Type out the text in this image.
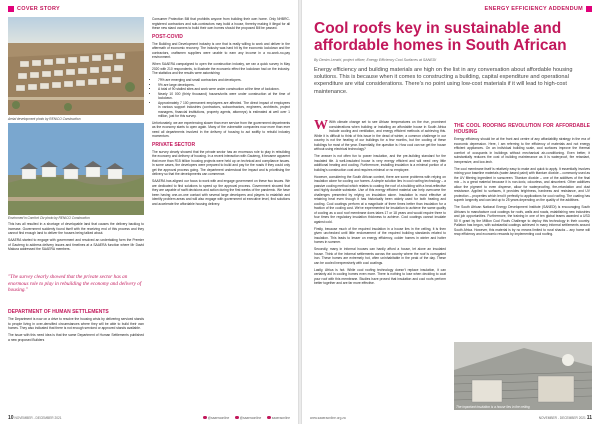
COVER STORY
Aerial development photo by RENICO Construction
Enviromed in Comfort Ctv photo by RENICO Construction

This has all resulted in a shortage of developable land that causes the delivery backlog to increase. Government suddenly found itself with the receiving end of this process and they cannot find enough land to deliver the houses being talked about.

SAAERA started to engage with government and resolved an undertaking form the Premier of Gauteng to address delivery issues and timelines at a SAAERA function where Mr David Makura addressed the SAAERA members.

"The survey clearly showed that the private sector has an enormous role to play in rebuilding the economy and delivery of housing."
DEPARTMENT OF HUMAN SETTLEMENTS

The Department is now on a drive to resolve the housing crisis by delivering serviced stands to people living in over-densified circumstances where they will be able to build their own homes. They also indicated that there is not enough serviced or approved stands available.

The issue with this need idea is that the same Department of Human Settlements published a new proposed Builders

Consumer Protection Bill that prohibits anyone from building their own home. Only NHBRC-registered contractors and sub-contractors may build a house, thereby making it illegal for all these new stand owners to build their own homes should the proposed Bill be passed.

POST-COVID

The Building and Development industry is one that is really willing to work and deliver in the aftermath of economic recovery. The industry was hard hit by the economic lockdown and the contractors, craftsmen suppliers were unable to earn any income in a no-work-no-pay environment.

When SAAERA campaigned to open the construction industry, we ran a quick survey in May 2020 with 210 respondents, to illustrate the economic effect the lockdown had on the industry. The statistics and the results were astonishing:

• 79% are emerging and small contractors and developers.
• 9% are large developers.
• A total of 90 stalled sites and work were under construction at the time of lockdown.
• Nearly 10 000 (thirty thousand) houses/units were under construction at the time of lockdown.
• Approximately 7 100 permanent employees are affected. The direct impact of employees in various support industries (contractors, subcontractors, engineers, architects, project managers, financial institutions, property agents, attorneys) is estimated at well over 1 million, just for this survey.

Unfortunately, we are experiencing slower than ever service from the government departments as the economy starts to open again. Many of the vulnerable companies now more than ever need all departments involved in the delivery of housing to act swiftly to rebuild industry momentum.

PRIVATE SECTOR

The survey clearly showed that the private sector has an enormous role to play in rebuilding the economy and delivery of housing. In a recent interaction with Gauteng, it became apparent that more than R15 billion housing projects were held up on technical and compliance issues. In some cases, the developers were prepared to build and pay for the roads if they could only get the approval process going. The department understood the impact and is prioritising the delivery so that the developments can commence.

SAAERA has aligned our focus to work with and engage government on these two issues. We are dedicated to find solutions to speed up the approval process. Government showed that they are capable of swift decisions and action during the first weeks of the pandemic. We have been having one-on-one contact with several large developers and players to establish and identify problem areas and will also engage with government at executive level, find solutions and accelerate the affordable housing delivery.

10 NOVEMBER - DECEMBER 2021	@saaeraonline	@saaeraonline	saaeraonline
ENERGY EFFICIENCY ADDENDUM
Cool roofs key in sustainable and affordable homes in South African
By Denim Lenzhi, project officer, Energy Efficiency Cool Surfaces at SANEDI

Energy efficiency and building materials are high on the list in any conversation about affordable housing solutions. This is because when it comes to constructing a building, capital expenditure and operational expenditure are vital considerations. There’s no point using low-cost materials if it will lead to high-cost maintenance.

W With climate change set to see African temperatures on the rise, prominent considerations when building or installing an affordable house in South Africa include cooling and ventilation, and energy efficient methods of achieving this. While it is difficult to think of this issue in the dead of winter, a common challenge in our country is not the heating of our buildings for a few months, but the cooling of these buildings for most of the year. Essentially, the question is: How cool can we get the house without using electrical technology?

The answer is not often fun to power insulation, and the pre-building standard for the insulated tile. A well-insulated house is very energy efficient and will need very little additional heating and cooling. Furthermore, installing insulation is a minimal portion of a building's construction cost and requires minimal or no employee.

However, considering the South African context, there are some problems with relying on insulation alone for cooling our homes. A simple solution lies in cool roofing technology – a passive cooling method which relates to coating the roof of a building with a heat-reflective and highly durable substrate. Use of this energy efficient material can help overcome the challenges presented by relying on insulation alone. Insulation is most effective at retaining heat even though it has historically been widely used for both heating and cooling. Cool coatings perform at a magnitude of three times better than insulation for a fraction of the cooling cost. We've experimented for insulation to achieve the same quality of cooling as a cool roof membrane does takes 17 or 18 years and would require three to four times the regulatory insulation thickness to achieve. Cool coatings cannot insulate against cold.

Firstly, because much of the required insulation in a house lies in the ceiling, it is then given unchecked until little endorsement of the required building standards related to insulation. This leads to lesser on energy efficiency, colder homes in winter and hotter homes in summer.

Secondly, many in informal houses can hardly afford a house, let alone an insulated house. Think of the informal settlements across the country where the roof is corrugated iron. These homes are extremely hot, often uninhabitable in the peak of the day. These can be cooled inexpensively with cool coatings.

Lastly, Africa is hot. While cool roofing technology doesn't replace insulation, it can certainly aid in cooling homes even more. There is nothing to lose when deciding to coat your roof with this membrane. Studies have proved that insulation and cool roofs perform better together and are far more effective.

THE COOL ROOFING REVOLUTION FOR AFFORDABLE HOUSING

Energy efficiency should be at the front and centre of any affordability strategy in the era of economic depression. Here, I am referring to the efficiency of materials and not energy efficient appliances. On an individual building scale, cool surfaces improve the thermal comfort of occupants in buildings without mechanical air-conditioning. Even better, it substantially reduces the cost of building maintenance as it is waterproof, fire retardant, inexpensive, and low-tech.

The cool membrane itself is relatively easy to make and quick to apply. It essentially involves mixing your baseline materials (water-based paint) with titanium dioxide – commonly used as the UV filtering ingredient in sunscreen. Titanium dioxide – one of the additives of the final mix – is a great material because it is non-toxic, odourless, and absorbent. Other additives allow the pigment to even disperse, allow for waterproofing, fire-retardation and dust resistance. Applied to surfaces, it provides brightness, hardness and resistance, and UV protection – properties which lend it perfectly to applications for cool roofing. The coating has superb longevity and can last up to 25 years depending on the quality of the additives.

The South African National Energy Development Institute (SANEDI) is encouraging South Africans to manufacture cool coatings for roofs, walls and roads, establishing new industries and job opportunities. Furthermore, the training in one of ten global teams awarded a USD 50 K grant by the Million Cool Roofs Challenge to deploy this technology in their country. Pallaton has begun, with substantial coatings achieved in many informal settlements around South Africa. However, this material is by no means limited to rural shacks – any home will reap efficiency and economic rewards by implementing cool roofing.

The important insulation is a house lies in the ceiling
www.saaeraonline.org.za	NOVEMBER - DECEMBER 2021 11
